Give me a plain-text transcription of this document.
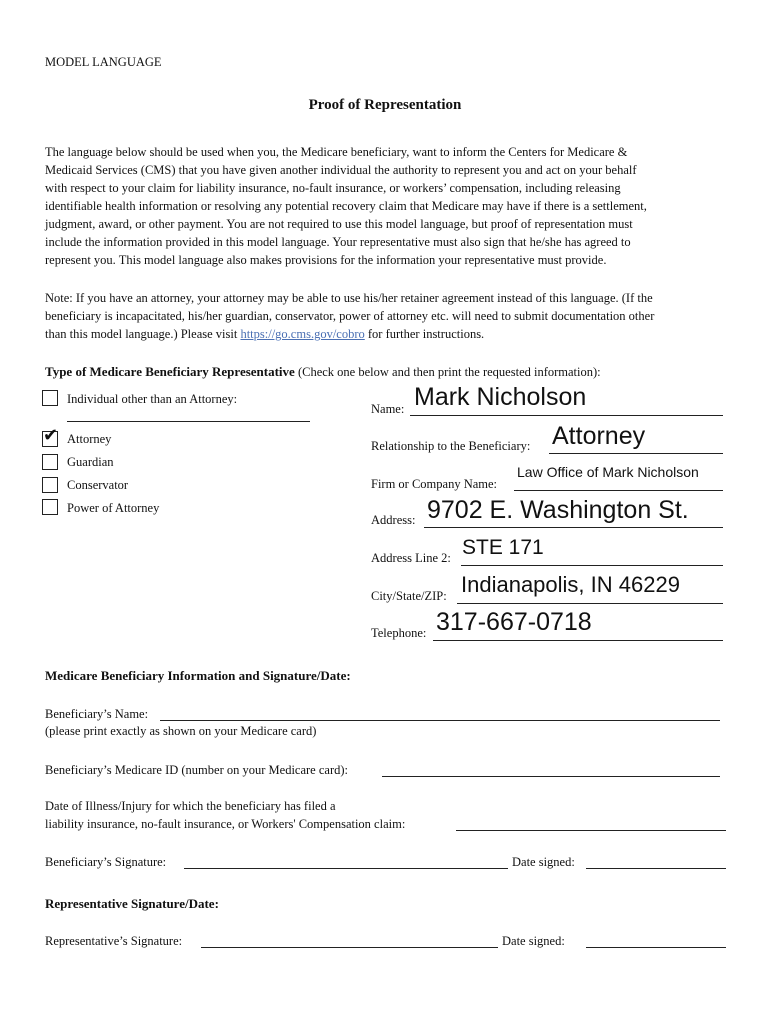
MODEL LANGUAGE
Proof of Representation
The language below should be used when you, the Medicare beneficiary, want to inform the Centers for Medicare &
Medicaid Services (CMS) that you have given another individual the authority to represent you and act on your behalf
with respect to your claim for liability insurance, no-fault insurance, or workers’ compensation, including releasing
identifiable health information or resolving any potential recovery claim that Medicare may have if there is a settlement,
judgment, award, or other payment. You are not required to use this model language, but proof of representation must
include the information provided in this model language. Your representative must also sign that he/she has agreed to
represent you. This model language also makes provisions for the information your representative must provide.
Note: If you have an attorney, your attorney may be able to use his/her retainer agreement instead of this language. (If the
beneficiary is incapacitated, his/her guardian, conservator, power of attorney etc. will need to submit documentation other
than this model language.) Please visit https://go.cms.gov/cobro for further instructions.
Type of Medicare Beneficiary Representative (Check one below and then print the requested information):
Individual other than an Attorney:
✔ Attorney
Guardian
Conservator
Power of Attorney
Name: Mark Nicholson
Relationship to the Beneficiary: Attorney
Firm or Company Name:
Law Office of Mark Nicholson
Address: 9702 E. Washington St.
Address Line 2: STE 171
City/State/ZIP: Indianapolis, IN 46229
Telephone: 317-667-0718
Medicare Beneficiary Information and Signature/Date:
Beneficiary’s Name:
(please print exactly as shown on your Medicare card)
Beneficiary’s Medicare ID (number on your Medicare card):
Date of Illness/Injury for which the beneficiary has filed a
liability insurance, no-fault insurance, or Workers' Compensation claim:
Beneficiary’s Signature:	Date signed:
Representative Signature/Date:
Representative’s Signature:	Date signed:
